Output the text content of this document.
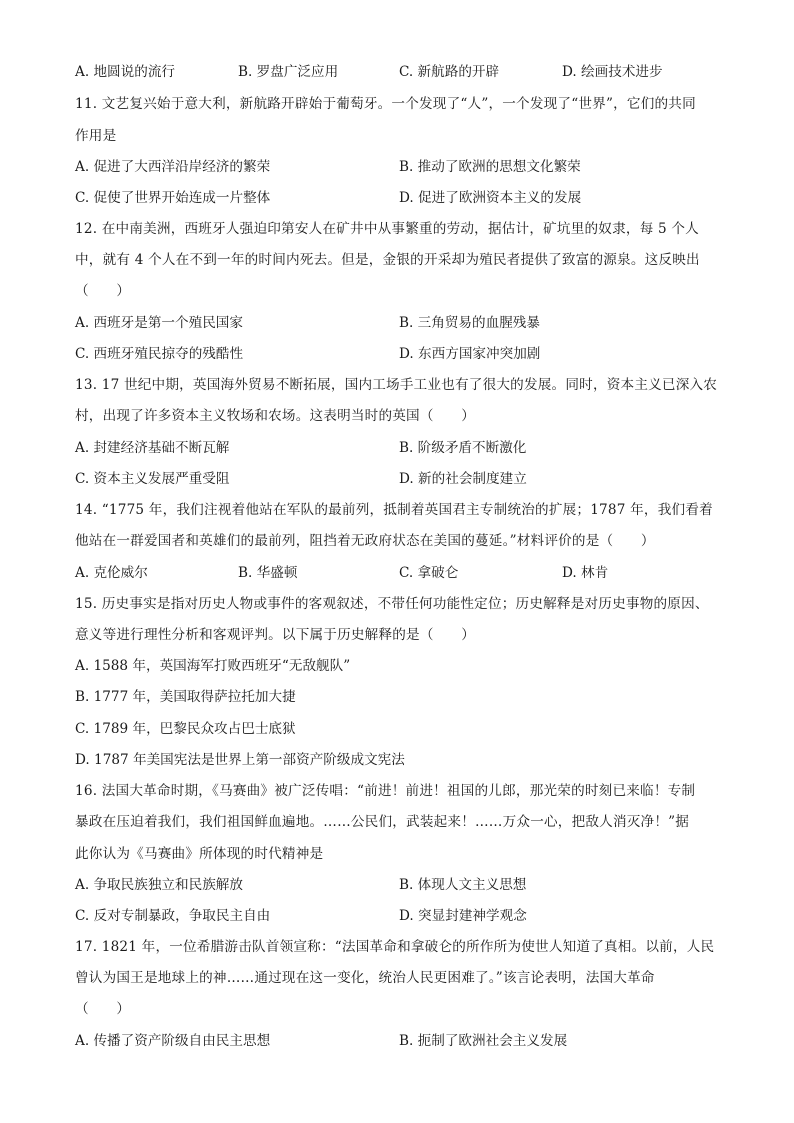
A. 地圆说的流行	B. 罗盘广泛应用	C. 新航路的开辟	D. 绘画技术进步
11. 文艺复兴始于意大利，新航路开辟始于葡萄牙。一个发现了“人”，一个发现了“世界”，它们的共同
作用是
A. 促进了大西洋沿岸经济的繁荣	B. 推动了欧洲的思想文化繁荣
C. 促使了世界开始连成一片整体	D. 促进了欧洲资本主义的发展
12. 在中南美洲，西班牙人强迫印第安人在矿井中从事繁重的劳动，据估计，矿坑里的奴隶，每 5 个人
中，就有 4 个人在不到一年的时间内死去。但是，金银的开采却为殖民者提供了致富的源泉。这反映出
（　　）
A. 西班牙是第一个殖民国家	B. 三角贸易的血腥残暴
C. 西班牙殖民掠夺的残酷性	D. 东西方国家冲突加剧
13. 17 世纪中期，英国海外贸易不断拓展，国内工场手工业也有了很大的发展。同时，资本主义已深入农
村，出现了许多资本主义牧场和农场。这表明当时的英国（　　）
A. 封建经济基础不断瓦解	B. 阶级矛盾不断激化
C. 资本主义发展严重受阻	D. 新的社会制度建立
14. “1775 年，我们注视着他站在军队的最前列，抵制着英国君主专制统治的扩展；1787 年，我们看着
他站在一群爱国者和英雄们的最前列，阻挡着无政府状态在美国的蔓延。”材料评价的是（　　）
A. 克伦威尔	B. 华盛顿	C. 拿破仑	D. 林肯
15. 历史事实是指对历史人物或事件的客观叙述，不带任何功能性定位；历史解释是对历史事物的原因、
意义等进行理性分析和客观评判。以下属于历史解释的是（　　）
A. 1588 年，英国海军打败西班牙“无敌舰队”
B. 1777 年，美国取得萨拉托加大捷
C. 1789 年，巴黎民众攻占巴士底狱
D. 1787 年美国宪法是世界上第一部资产阶级成文宪法
16. 法国大革命时期，《马赛曲》被广泛传唱：“前进！前进！祖国的儿郎，那光荣的时刻已来临！专制
暴政在压迫着我们，我们祖国鲜血遍地。……公民们，武装起来！……万众一心，把敌人消灭净！”据
此你认为《马赛曲》所体现的时代精神是
A. 争取民族独立和民族解放	B. 体现人文主义思想
C. 反对专制暴政，争取民主自由	D. 突显封建神学观念
17. 1821 年，一位希腊游击队首领宣称：“法国革命和拿破仑的所作所为使世人知道了真相。以前，人民
曾认为国王是地球上的神……通过现在这一变化，统治人民更困难了。”该言论表明，法国大革命
（　　）
A. 传播了资产阶级自由民主思想	B. 扼制了欧洲社会主义发展
